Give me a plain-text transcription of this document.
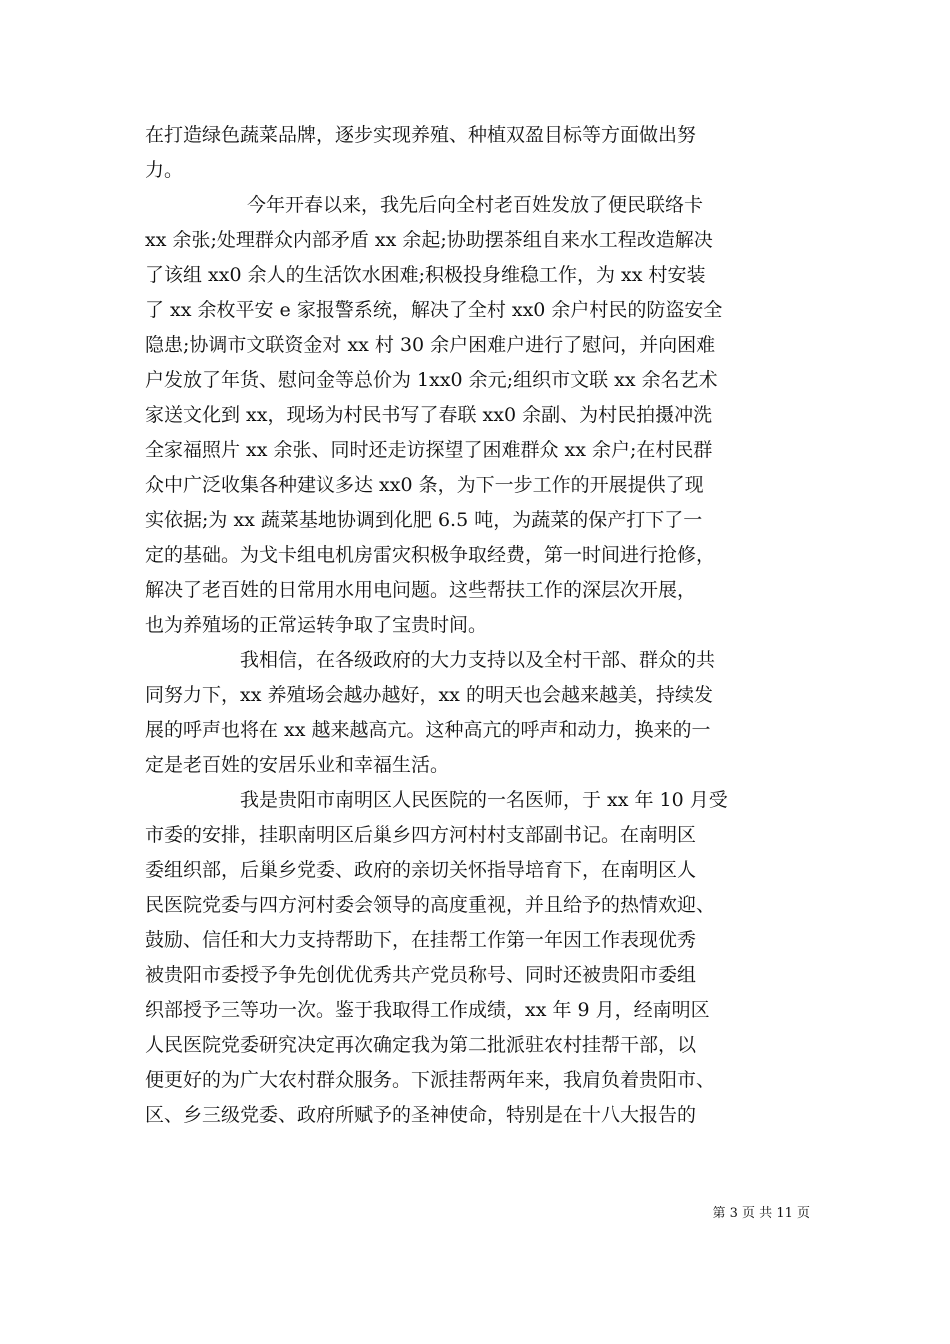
在打造绿色蔬菜品牌，逐步实现养殖、种植双盈目标等方面做出努
力。
今年开春以来，我先后向全村老百姓发放了便民联络卡
xx 余张;处理群众内部矛盾 xx 余起;协助摆茶组自来水工程改造解决
了该组 xx0 余人的生活饮水困难;积极投身维稳工作，为 xx 村安装
了 xx 余枚平安 e 家报警系统，解决了全村 xx0 余户村民的防盗安全
隐患;协调市文联资金对 xx 村 30 余户困难户进行了慰问，并向困难
户发放了年货、慰问金等总价为 1xx0 余元;组织市文联 xx 余名艺术
家送文化到 xx，现场为村民书写了春联 xx0 余副、为村民拍摄冲洗
全家福照片 xx 余张、同时还走访探望了困难群众 xx 余户;在村民群
众中广泛收集各种建议多达 xx0 条，为下一步工作的开展提供了现
实依据;为 xx 蔬菜基地协调到化肥 6.5 吨，为蔬菜的保产打下了一
定的基础。为戈卡组电机房雷灾积极争取经费，第一时间进行抢修，
解决了老百姓的日常用水用电问题。这些帮扶工作的深层次开展，
也为养殖场的正常运转争取了宝贵时间。
我相信，在各级政府的大力支持以及全村干部、群众的共
同努力下，xx 养殖场会越办越好，xx 的明天也会越来越美，持续发
展的呼声也将在 xx 越来越高亢。这种高亢的呼声和动力，换来的一
定是老百姓的安居乐业和幸福生活。
我是贵阳市南明区人民医院的一名医师，于 xx 年 10 月受
市委的安排，挂职南明区后巢乡四方河村村支部副书记。在南明区
委组织部，后巢乡党委、政府的亲切关怀指导培育下，在南明区人
民医院党委与四方河村委会领导的高度重视，并且给予的热情欢迎、
鼓励、信任和大力支持帮助下，在挂帮工作第一年因工作表现优秀
被贵阳市委授予争先创优优秀共产党员称号、同时还被贵阳市委组
织部授予三等功一次。鉴于我取得工作成绩，xx 年 9 月，经南明区
人民医院党委研究决定再次确定我为第二批派驻农村挂帮干部，以
便更好的为广大农村群众服务。下派挂帮两年来，我肩负着贵阳市、
区、乡三级党委、政府所赋予的圣神使命，特别是在十八大报告的
第 3 页 共 11 页
